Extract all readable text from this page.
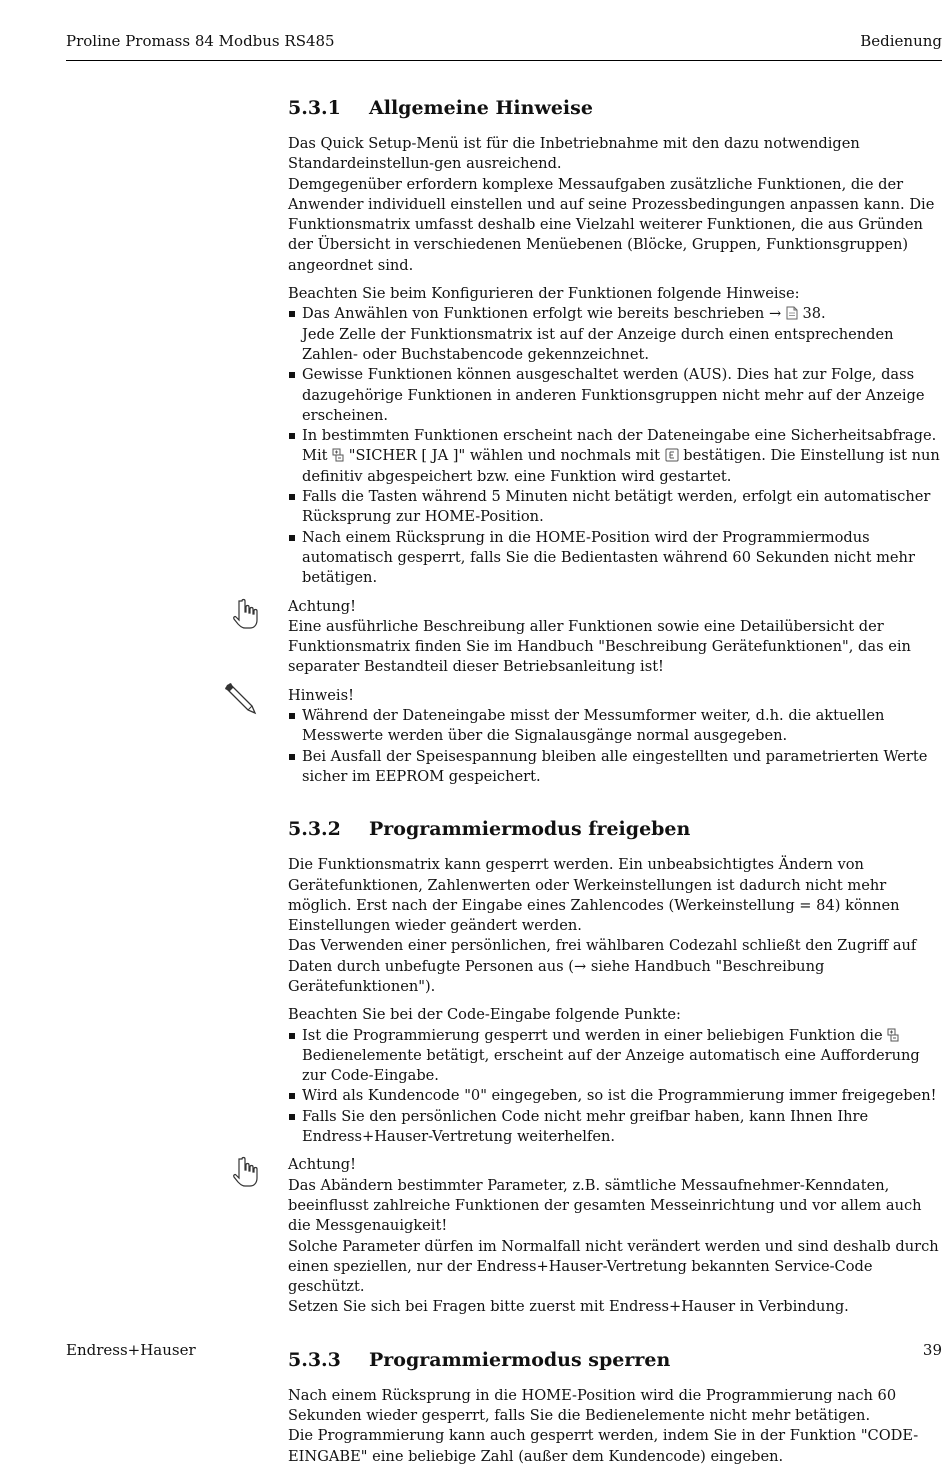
Proline Promass 84 Modbus RS485	Bedienung
5.3.1 Allgemeine Hinweise

Das Quick Setup-Menü ist für die Inbetriebnahme mit den dazu notwendigen Standardeinstellun-gen ausreichend.

Demgegenüber erfordern komplexe Messaufgaben zusätzliche Funktionen, die der Anwender individuell einstellen und auf seine Prozessbedingungen anpassen kann. Die Funktionsmatrix umfasst deshalb eine Vielzahl weiterer Funktionen, die aus Gründen der Übersicht in verschiedenen Menüebenen (Blöcke, Gruppen, Funktionsgruppen) angeordnet sind.

Beachten Sie beim Konfigurieren der Funktionen folgende Hinweise:

Das Anwählen von Funktionen erfolgt wie bereits beschrieben → 38.
Jede Zelle der Funktionsmatrix ist auf der Anzeige durch einen entsprechenden Zahlen- oder Buchstabencode gekennzeichnet.
Gewisse Funktionen können ausgeschaltet werden (AUS). Dies hat zur Folge, dass dazugehörige Funktionen in anderen Funktionsgruppen nicht mehr auf der Anzeige erscheinen.
In bestimmten Funktionen erscheint nach der Dateneingabe eine Sicherheitsabfrage.
Mit "SICHER [ JA ]" wählen und nochmals mit bestätigen. Die Einstellung ist nun definitiv abgespeichert bzw. eine Funktion wird gestartet.
Falls die Tasten während 5 Minuten nicht betätigt werden, erfolgt ein automatischer Rücksprung zur HOME-Position.
Nach einem Rücksprung in die HOME-Position wird der Programmiermodus automatisch gesperrt, falls Sie die Bedientasten während 60 Sekunden nicht mehr betätigen.

Achtung!

Eine ausführliche Beschreibung aller Funktionen sowie eine Detailübersicht der Funktionsmatrix finden Sie im Handbuch "Beschreibung Gerätefunktionen", das ein separater Bestandteil dieser Betriebsanleitung ist!

Hinweis!

Während der Dateneingabe misst der Messumformer weiter, d.h. die aktuellen Messwerte werden über die Signalausgänge normal ausgegeben.
Bei Ausfall der Speisespannung bleiben alle eingestellten und parametrierten Werte sicher im EEPROM gespeichert.
5.3.2 Programmiermodus freigeben

Die Funktionsmatrix kann gesperrt werden. Ein unbeabsichtigtes Ändern von Gerätefunktionen, Zahlenwerten oder Werkeinstellungen ist dadurch nicht mehr möglich. Erst nach der Eingabe eines Zahlencodes (Werkeinstellung = 84) können Einstellungen wieder geändert werden.

Das Verwenden einer persönlichen, frei wählbaren Codezahl schließt den Zugriff auf Daten durch unbefugte Personen aus (→ siehe Handbuch "Beschreibung Gerätefunktionen").

Beachten Sie bei der Code-Eingabe folgende Punkte:

Ist die Programmierung gesperrt und werden in einer beliebigen Funktion die  Bedienelemente betätigt, erscheint auf der Anzeige automatisch eine Aufforderung zur Code-Eingabe.
Wird als Kundencode "0" eingegeben, so ist die Programmierung immer freigegeben!
Falls Sie den persönlichen Code nicht mehr greifbar haben, kann Ihnen Ihre Endress+Hauser-Vertretung weiterhelfen.

Achtung!

Das Abändern bestimmter Parameter, z.B. sämtliche Messaufnehmer-Kenndaten, beeinflusst zahlreiche Funktionen der gesamten Messeinrichtung und vor allem auch die Messgenauigkeit!

Solche Parameter dürfen im Normalfall nicht verändert werden und sind deshalb durch einen speziellen, nur der Endress+Hauser-Vertretung bekannten Service-Code geschützt.

Setzen Sie sich bei Fragen bitte zuerst mit Endress+Hauser in Verbindung.

5.3.3 Programmiermodus sperren

Nach einem Rücksprung in die HOME-Position wird die Programmierung nach 60 Sekunden wieder gesperrt, falls Sie die Bedienelemente nicht mehr betätigen.

Die Programmierung kann auch gesperrt werden, indem Sie in der Funktion "CODE-EINGABE" eine beliebige Zahl (außer dem Kundencode) eingeben.

Endress+Hauser	39
